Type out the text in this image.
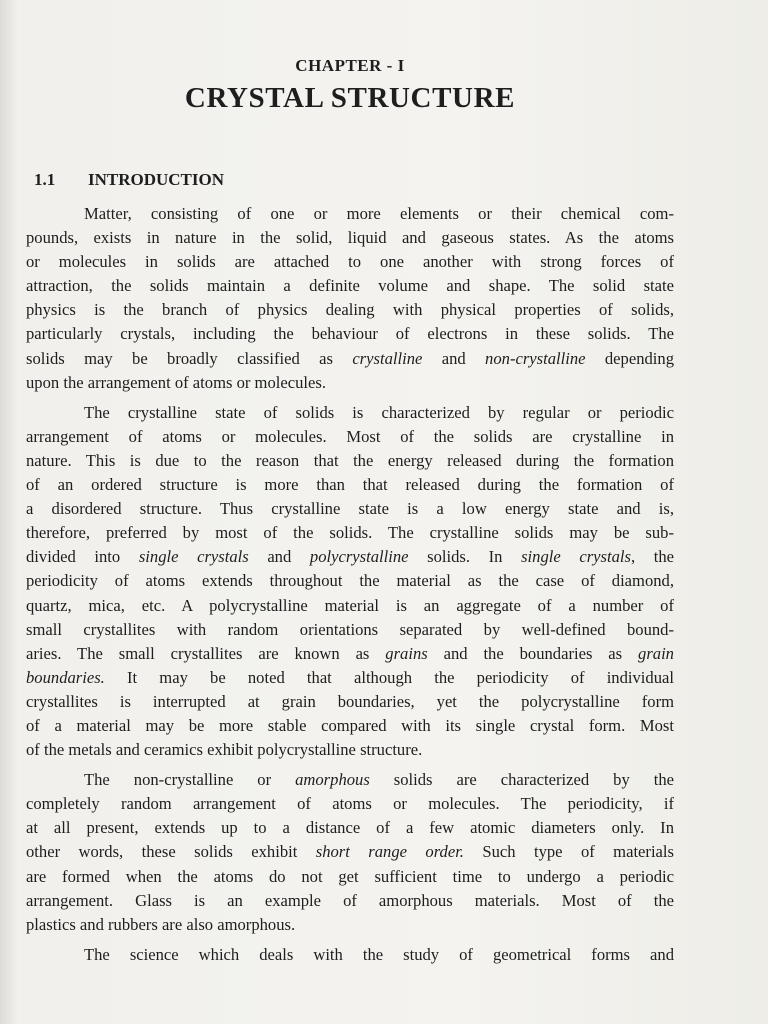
CHAPTER - I
CRYSTAL STRUCTURE
1.1 INTRODUCTION
Matter, consisting of one or more elements or their chemical com-
pounds, exists in nature in the solid, liquid and gaseous states. As the atoms
or molecules in solids are attached to one another with strong forces of
attraction, the solids maintain a definite volume and shape. The solid state
physics is the branch of physics dealing with physical properties of solids,
particularly crystals, including the behaviour of electrons in these solids. The
solids may be broadly classified as crystalline and non-crystalline depending
upon the arrangement of atoms or molecules.
The crystalline state of solids is characterized by regular or periodic
arrangement of atoms or molecules. Most of the solids are crystalline in
nature. This is due to the reason that the energy released during the formation
of an ordered structure is more than that released during the formation of
a disordered structure. Thus crystalline state is a low energy state and is,
therefore, preferred by most of the solids. The crystalline solids may be sub-
divided into single crystals and polycrystalline solids. In single crystals, the
periodicity of atoms extends throughout the material as the case of diamond,
quartz, mica, etc. A polycrystalline material is an aggregate of a number of
small crystallites with random orientations separated by well-defined bound-
aries. The small crystallites are known as grains and the boundaries as grain
boundaries. It may be noted that although the periodicity of individual
crystallites is interrupted at grain boundaries, yet the polycrystalline form
of a material may be more stable compared with its single crystal form. Most
of the metals and ceramics exhibit polycrystalline structure.
The non-crystalline or amorphous solids are characterized by the
completely random arrangement of atoms or molecules. The periodicity, if
at all present, extends up to a distance of a few atomic diameters only. In
other words, these solids exhibit short range order. Such type of materials
are formed when the atoms do not get sufficient time to undergo a periodic
arrangement. Glass is an example of amorphous materials. Most of the
plastics and rubbers are also amorphous.
The science which deals with the study of geometrical forms and
